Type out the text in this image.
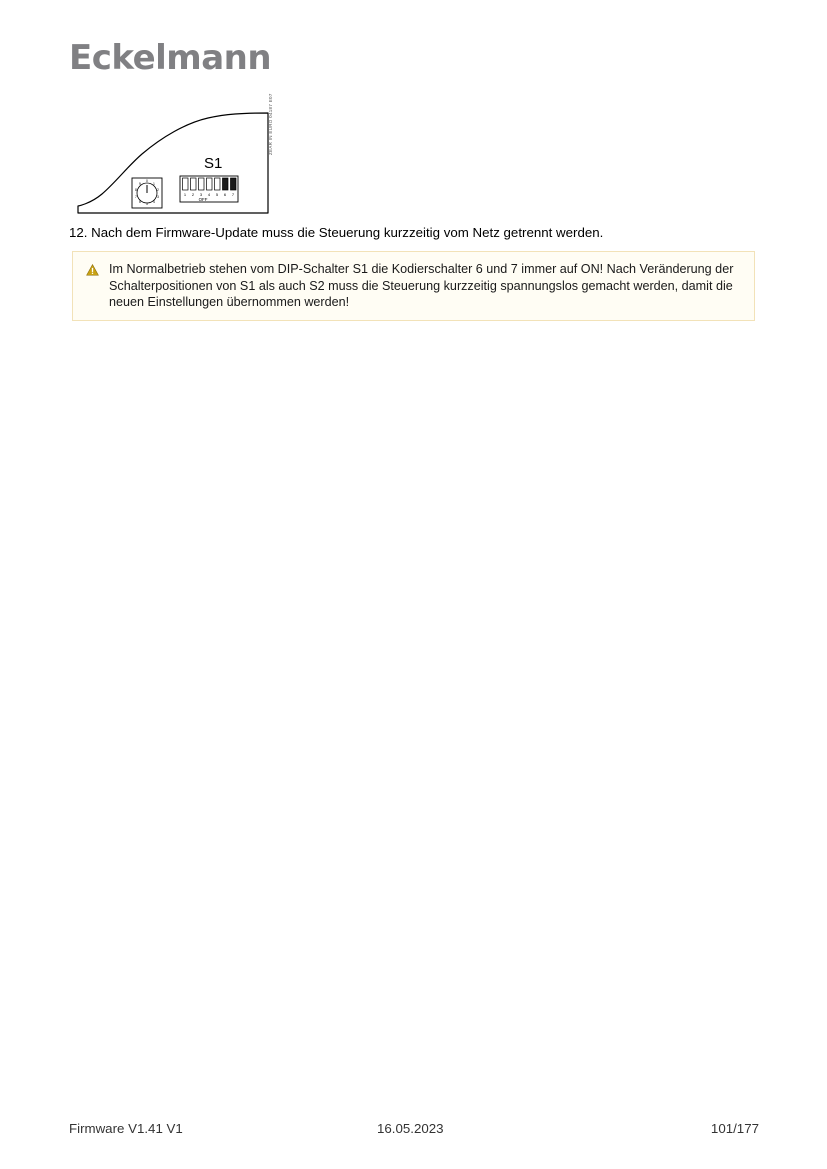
Eckelmann
0
1
2
3
4
5
6
7
8
9
1 2 3 4 5 6 7
OFF
S1
ZEAR IN EURO 04187 E07
12. Nach dem Firmware-Update muss die Steuerung kurzzeitig vom Netz getrennt werden.

Im Normalbetrieb stehen vom DIP-Schalter S1 die Kodierschalter 6 und 7 immer auf ON! Nach Veränderung der Schalterpositionen von S1 als auch S2 muss die Steuerung kurzzeitig spannungslos gemacht werden, damit die neuen Einstellungen übernommen werden!

Firmware V1.41 V1	16.05.2023	101/177
